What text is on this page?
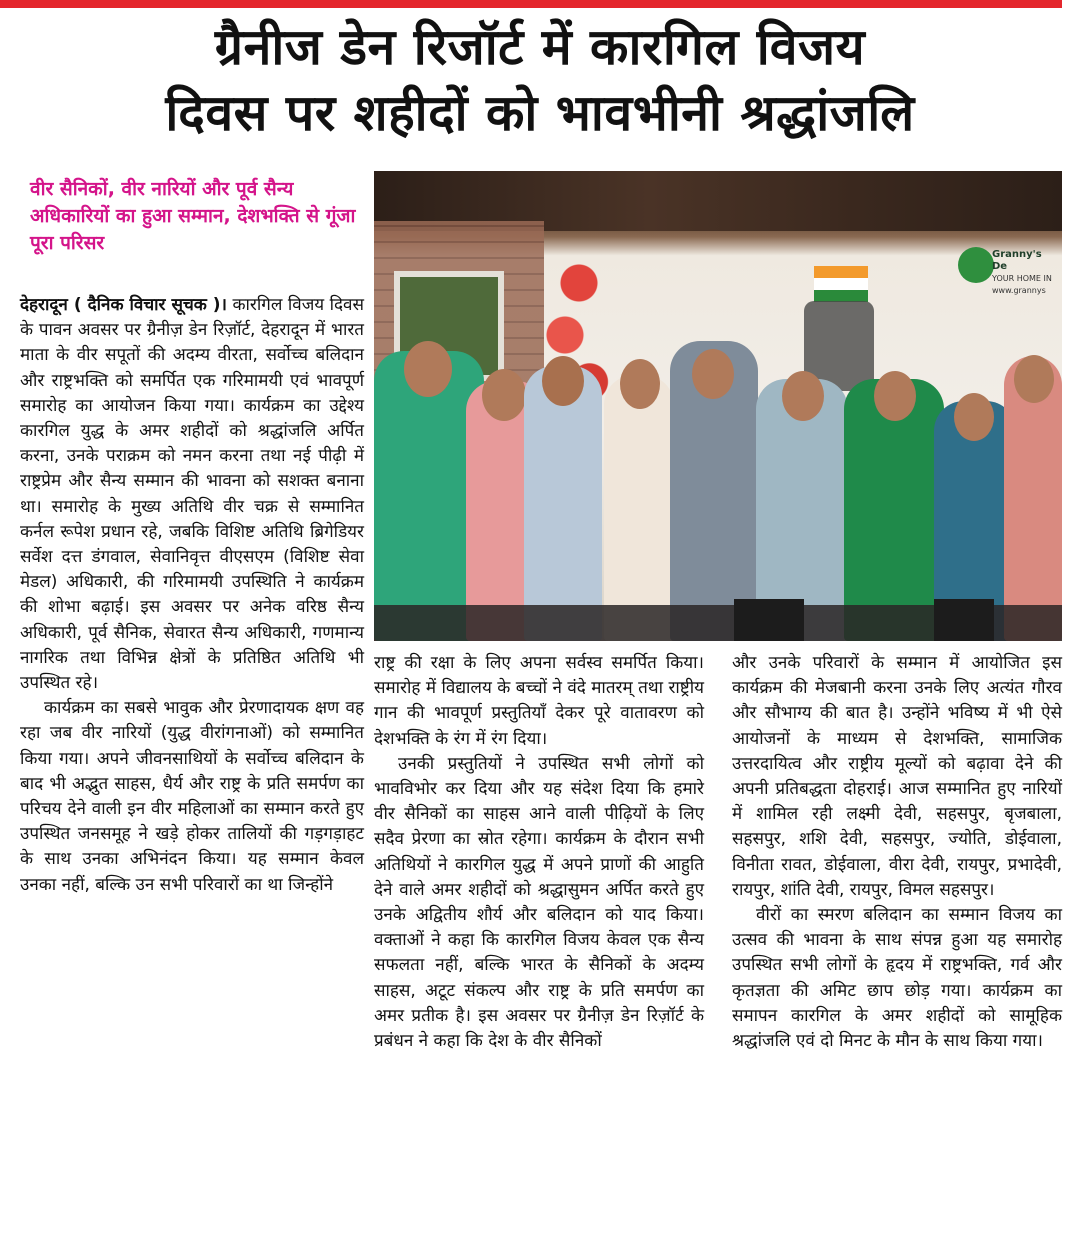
ग्रैनीज डेन रिजॉर्ट में कारगिल विजय
दिवस पर शहीदों को भावभीनी श्रद्धांजलि
वीर सैनिकों, वीर नारियों और पूर्व सैन्य अधिकारियों का हुआ सम्मान, देशभक्ति से गूंजा पूरा परिसर

देहरादून ( दैनिक विचार सूचक )। कारगिल विजय दिवस के पावन अवसर पर ग्रैनीज़ डेन रिज़ॉर्ट, देहरादून में भारत माता के वीर सपूतों की अदम्य वीरता, सर्वोच्च बलिदान और राष्ट्रभक्ति को समर्पित एक गरिमामयी एवं भावपूर्ण समारोह का आयोजन किया गया। कार्यक्रम का उद्देश्य कारगिल युद्ध के अमर शहीदों को श्रद्धांजलि अर्पित करना, उनके पराक्रम को नमन करना तथा नई पीढ़ी में राष्ट्रप्रेम और सैन्य सम्मान की भावना को सशक्त बनाना था। समारोह के मुख्य अतिथि वीर चक्र से सम्मानित कर्नल रूपेश प्रधान रहे, जबकि विशिष्ट अतिथि ब्रिगेडियर सर्वेश दत्त डंगवाल, सेवानिवृत्त वीएसएम (विशिष्ट सेवा मेडल) अधिकारी, की गरिमामयी उपस्थिति ने कार्यक्रम की शोभा बढ़ाई। इस अवसर पर अनेक वरिष्ठ सैन्य अधिकारी, पूर्व सैनिक, सेवारत सैन्य अधिकारी, गणमान्य नागरिक तथा विभिन्न क्षेत्रों के प्रतिष्ठित अतिथि भी उपस्थित रहे।

कार्यक्रम का सबसे भावुक और प्रेरणादायक क्षण वह रहा जब वीर नारियों (युद्ध वीरांगनाओं) को सम्मानित किया गया। अपने जीवनसाथियों के सर्वोच्च बलिदान के बाद भी अद्भुत साहस, धैर्य और राष्ट्र के प्रति समर्पण का परिचय देने वाली इन वीर महिलाओं का सम्मान करते हुए उपस्थित जनसमूह ने खड़े होकर तालियों की गड़गड़ाहट के साथ उनका अभिनंदन किया। यह सम्मान केवल उनका नहीं, बल्कि उन सभी परिवारों का था जिन्होंने

Granny's De
YOUR HOME IN
www.grannys

राष्ट्र की रक्षा के लिए अपना सर्वस्व समर्पित किया। समारोह में विद्यालय के बच्चों ने वंदे मातरम् तथा राष्ट्रीय गान की भावपूर्ण प्रस्तुतियाँ देकर पूरे वातावरण को देशभक्ति के रंग में रंग दिया।

उनकी प्रस्तुतियों ने उपस्थित सभी लोगों को भावविभोर कर दिया और यह संदेश दिया कि हमारे वीर सैनिकों का साहस आने वाली पीढ़ियों के लिए सदैव प्रेरणा का स्रोत रहेगा। कार्यक्रम के दौरान सभी अतिथियों ने कारगिल युद्ध में अपने प्राणों की आहुति देने वाले अमर शहीदों को श्रद्धासुमन अर्पित करते हुए उनके अद्वितीय शौर्य और बलिदान को याद किया। वक्ताओं ने कहा कि कारगिल विजय केवल एक सैन्य सफलता नहीं, बल्कि भारत के सैनिकों के अदम्य साहस, अटूट संकल्प और राष्ट्र के प्रति समर्पण का अमर प्रतीक है। इस अवसर पर ग्रैनीज़ डेन रिज़ॉर्ट के प्रबंधन ने कहा कि देश के वीर सैनिकों

और उनके परिवारों के सम्मान में आयोजित इस कार्यक्रम की मेजबानी करना उनके लिए अत्यंत गौरव और सौभाग्य की बात है। उन्होंने भविष्य में भी ऐसे आयोजनों के माध्यम से देशभक्ति, सामाजिक उत्तरदायित्व और राष्ट्रीय मूल्यों को बढ़ावा देने की अपनी प्रतिबद्धता दोहराई। आज सम्मानित हुए नारियों में शामिल रही लक्ष्मी देवी, सहसपुर, बृजबाला, सहसपुर, शशि देवी, सहसपुर, ज्योति, डोईवाला, विनीता रावत, डोईवाला, वीरा देवी, रायपुर, प्रभादेवी, रायपुर, शांति देवी, रायपुर, विमल सहसपुर।

वीरों का स्मरण बलिदान का सम्मान विजय का उत्सव की भावना के साथ संपन्न हुआ यह समारोह उपस्थित सभी लोगों के हृदय में राष्ट्रभक्ति, गर्व और कृतज्ञता की अमिट छाप छोड़ गया। कार्यक्रम का समापन कारगिल के अमर शहीदों को सामूहिक श्रद्धांजलि एवं दो मिनट के मौन के साथ किया गया।
